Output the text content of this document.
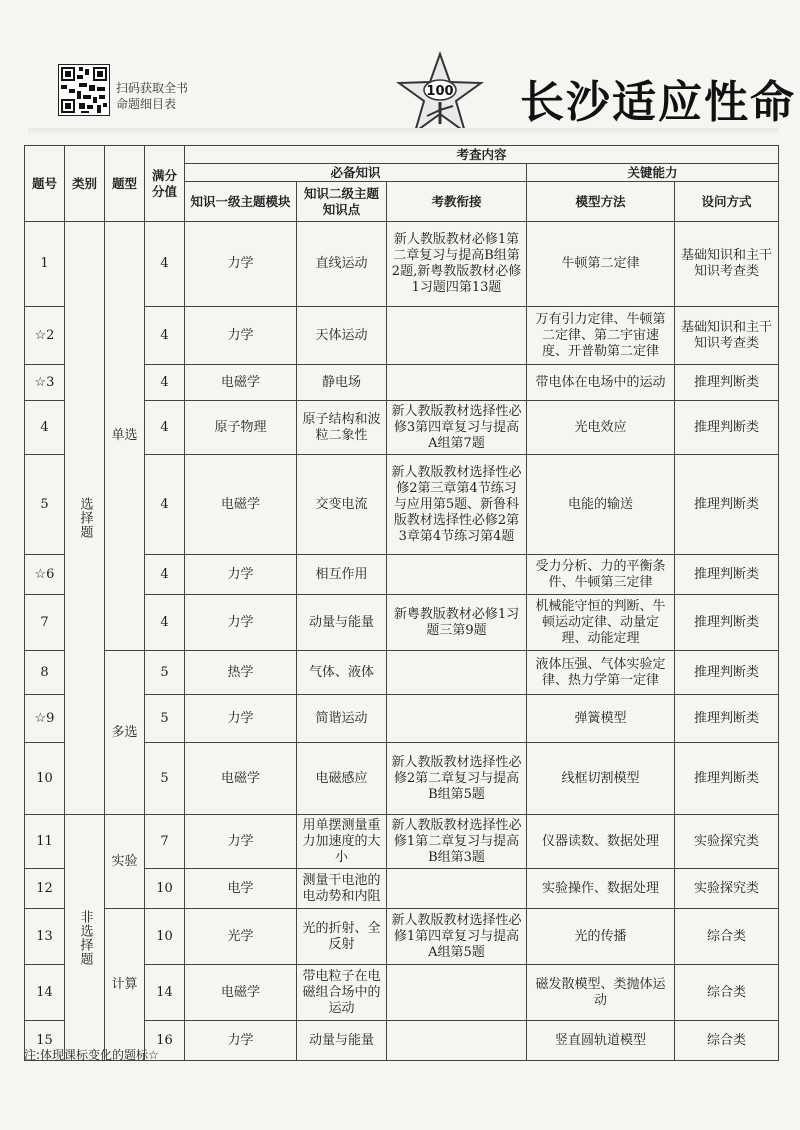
扫码获取全书
命题细目表
100 长沙适应性命
题号	类别	题型	满分分值	考查内容				
				必备知识			关键能力	
				知识一级主题模块	知识二级主题知识点	考教衔接	模型方法	设问方式
1	选择题	单选	4	力学	直线运动	新人教版教材必修1第二章复习与提高B组第2题,新粤教版教材必修1习题四第13题	牛顿第二定律	基础知识和主干知识考查类
☆2			4	力学	天体运动		万有引力定律、牛顿第二定律、第二宇宙速度、开普勒第二定律	基础知识和主干知识考查类
☆3			4	电磁学	静电场		带电体在电场中的运动	推理判断类
4			4	原子物理	原子结构和波粒二象性	新人教版教材选择性必修3第四章复习与提高A组第7题	光电效应	推理判断类
5			4	电磁学	交变电流	新人教版教材选择性必修2第三章第4节练习与应用第5题、新鲁科版教材选择性必修2第3章第4节练习第4题	电能的输送	推理判断类
☆6			4	力学	相互作用		受力分析、力的平衡条件、牛顿第三定律	推理判断类
7			4	力学	动量与能量	新粤教版教材必修1习题三第9题	机械能守恒的判断、牛顿运动定律、动量定理、动能定理	推理判断类
8		多选	5	热学	气体、液体		液体压强、气体实验定律、热力学第一定律	推理判断类
☆9			5	力学	简谐运动		弹簧模型	推理判断类
10			5	电磁学	电磁感应	新人教版教材选择性必修2第二章复习与提高B组第5题	线框切割模型	推理判断类
11	非选择题	实验	7	力学	用单摆测量重力加速度的大小	新人教版教材选择性必修1第二章复习与提高B组第3题	仪器读数、数据处理	实验探究类
12			10	电学	测量干电池的电动势和内阻		实验操作、数据处理	实验探究类
13		计算	10	光学	光的折射、全反射	新人教版教材选择性必修1第四章复习与提高A组第5题	光的传播	综合类
14			14	电磁学	带电粒子在电磁组合场中的运动		磁发散模型、类抛体运动	综合类
15			16	力学	动量与能量		竖直圆轨道模型	综合类
注:体现课标变化的题标☆
